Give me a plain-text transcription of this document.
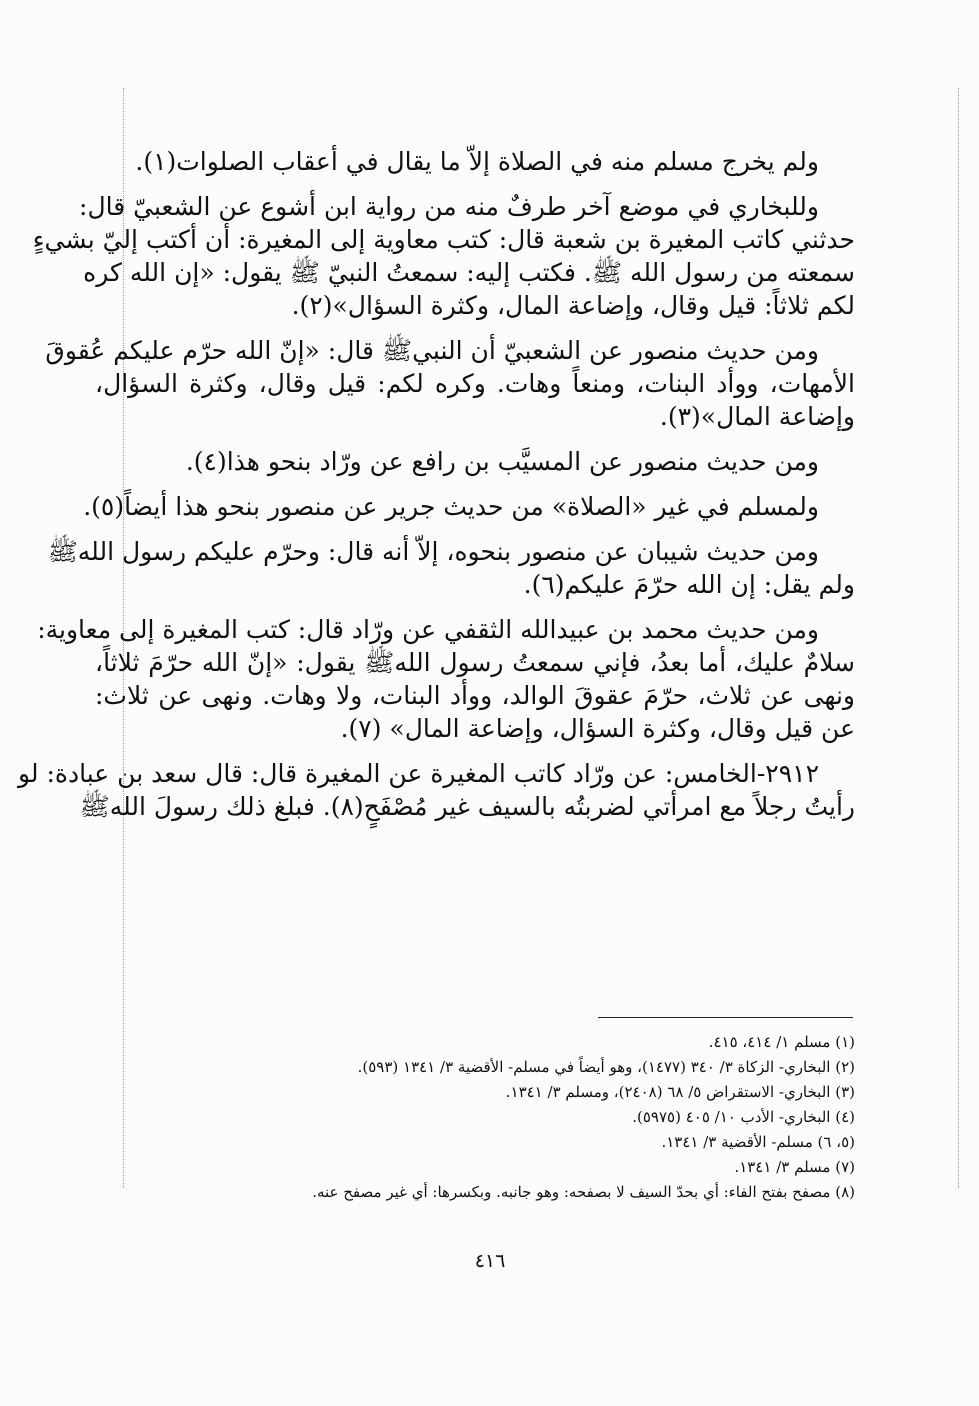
ولم يخرج مسلم منه في الصلاة إلاّ ما يقال في أعقاب الصلوات(١).
وللبخاري في موضع آخر طرفٌ منه من رواية ابن أشوع عن الشعبيّ قال:
حدثني كاتب المغيرة بن شعبة قال: كتب معاوية إلى المغيرة: أن أكتب إليّ بشيءٍ
سمعته من رسول الله ﷺ. فكتب إليه: سمعتُ النبيّ ﷺ يقول: «إن الله كره
لكم ثلاثاً: قيل وقال، وإضاعة المال، وكثرة السؤال»(٢).
ومن حديث منصور عن الشعبيّ أن النبيﷺ قال: «إنّ الله حرّم عليكم عُقوقَ
الأمهات، ووأد البنات، ومنعاً وهات. وكره لكم: قيل وقال، وكثرة السؤال،
وإضاعة المال»(٣).
ومن حديث منصور عن المسيَّب بن رافع عن ورّاد بنحو هذا(٤).
ولمسلم في غير «الصلاة» من حديث جرير عن منصور بنحو هذا أيضاً(٥).
ومن حديث شيبان عن منصور بنحوه، إلاّ أنه قال: وحرّم عليكم رسول اللهﷺ
ولم يقل: إن الله حرّمَ عليكم(٦).
ومن حديث محمد بن عبيدالله الثقفي عن ورّاد قال: كتب المغيرة إلى معاوية:
سلامٌ عليك، أما بعدُ، فإني سمعتُ رسول اللهﷺ يقول: «إنّ الله حرّمَ ثلاثاً،
ونهى عن ثلاث، حرّمَ عقوقَ الوالد، ووأد البنات، ولا وهات. ونهى عن ثلاث:
عن قيل وقال، وكثرة السؤال، وإضاعة المال» (٧).
٢٩١٢-الخامس: عن ورّاد كاتب المغيرة عن المغيرة قال: قال سعد بن عبادة: لو
رأيتُ رجلاً مع امرأتي لضربتُه بالسيف غير مُصْفَحٍ(٨). فبلغ ذلك رسولَ اللهﷺ
(١) مسلم ١/ ٤١٤، ٤١٥.
(٢) البخاري- الزكاة ٣/ ٣٤٠ (١٤٧٧)، وهو أيضاً في مسلم- الأقضية ٣/ ١٣٤١ (٥٩٣).
(٣) البخاري- الاستقراض ٥/ ٦٨ (٢٤٠٨)، ومسلم ٣/ ١٣٤١.
(٤) البخاري- الأدب ١٠/ ٤٠٥ (٥٩٧٥).
(٥، ٦) مسلم- الأقضية ٣/ ١٣٤١.
(٧) مسلم ٣/ ١٣٤١.
(٨) مصفح بفتح الفاء: أي بحدّ السيف لا بصفحه: وهو جانبه. وبكسرها: أي غير مصفح عنه.
٤١٦
